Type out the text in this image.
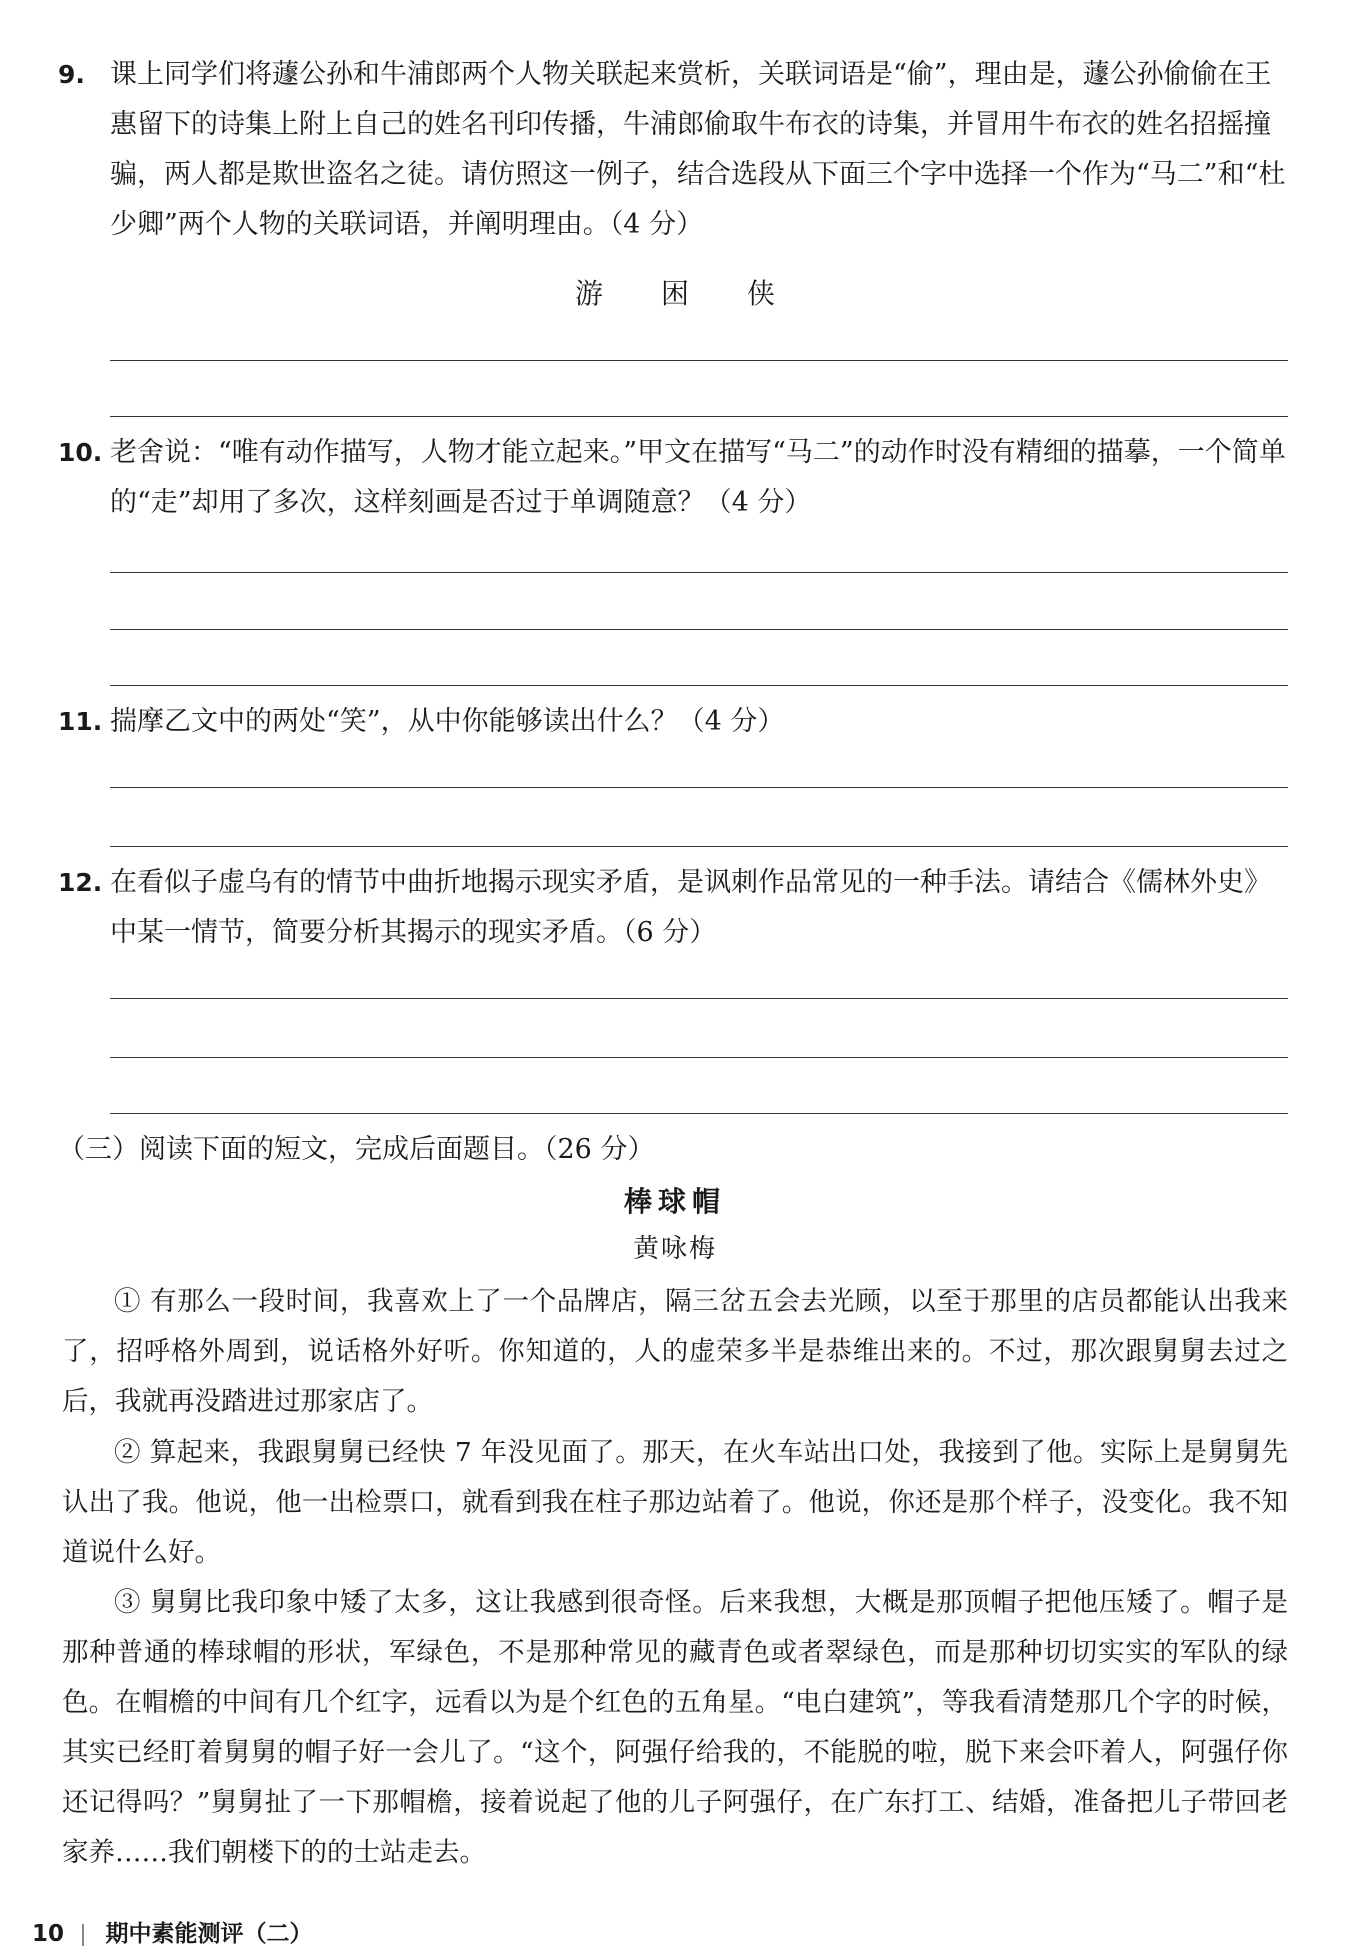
9. 课上同学们将蘧公孙和牛浦郎两个人物关联起来赏析，关联词语是“偷”，理由是，蘧公孙偷偷在王惠留下的诗集上附上自己的姓名刊印传播，牛浦郎偷取牛布衣的诗集，并冒用牛布衣的姓名招摇撞骗，两人都是欺世盗名之徒。请仿照这一例子，结合选段从下面三个字中选择一个作为“马二”和“杜少卿”两个人物的关联词语，并阐明理由。（4 分）
游困侠
10. 老舍说：“唯有动作描写，人物才能立起来。”甲文在描写“马二”的动作时没有精细的描摹，一个简单的“走”却用了多次，这样刻画是否过于单调随意？（4 分）
11. 揣摩乙文中的两处“笑”，从中你能够读出什么？（4 分）
12. 在看似子虚乌有的情节中曲折地揭示现实矛盾，是讽刺作品常见的一种手法。请结合《儒林外史》中某一情节，简要分析其揭示的现实矛盾。（6 分）
（三）阅读下面的短文，完成后面题目。（26 分）
棒球帽
黄咏梅
① 有那么一段时间，我喜欢上了一个品牌店，隔三岔五会去光顾，以至于那里的店员都能认出我来了，招呼格外周到，说话格外好听。你知道的，人的虚荣多半是恭维出来的。不过，那次跟舅舅去过之后，我就再没踏进过那家店了。
② 算起来，我跟舅舅已经快 7 年没见面了。那天，在火车站出口处，我接到了他。实际上是舅舅先认出了我。他说，他一出检票口，就看到我在柱子那边站着了。他说，你还是那个样子，没变化。我不知道说什么好。
③ 舅舅比我印象中矮了太多，这让我感到很奇怪。后来我想，大概是那顶帽子把他压矮了。帽子是那种普通的棒球帽的形状，军绿色，不是那种常见的藏青色或者翠绿色，而是那种切切实实的军队的绿色。在帽檐的中间有几个红字，远看以为是个红色的五角星。“电白建筑”，等我看清楚那几个字的时候，其实已经盯着舅舅的帽子好一会儿了。“这个，阿强仔给我的，不能脱的啦，脱下来会吓着人，阿强仔你还记得吗？”舅舅扯了一下那帽檐，接着说起了他的儿子阿强仔，在广东打工、结婚，准备把儿子带回老家养……我们朝楼下的的士站走去。
10 期中素能测评（二）
